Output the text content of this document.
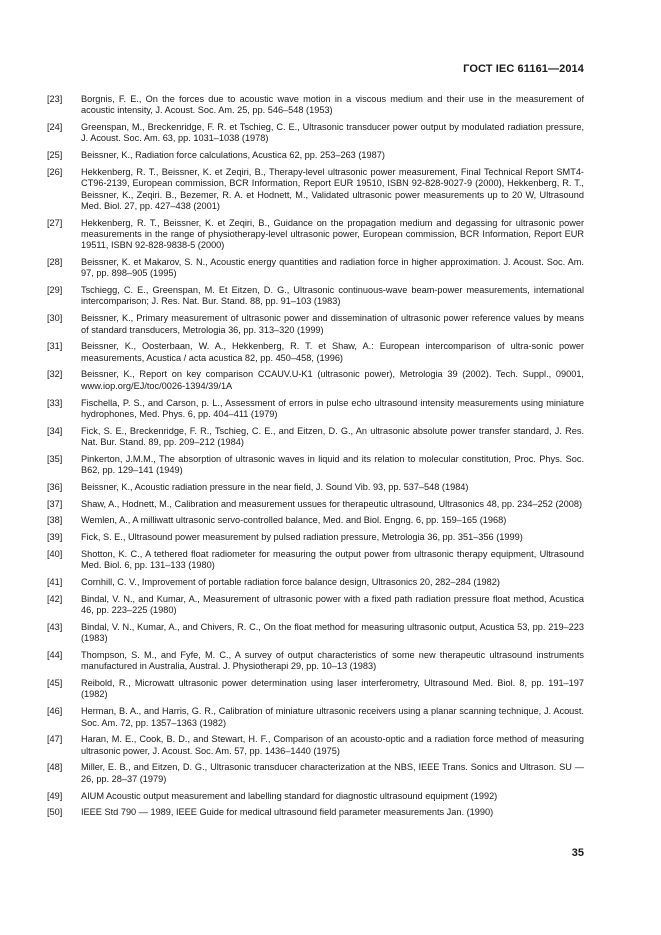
ГОСТ IEC 61161—2014
[23]	Borgnis, F. E., On the forces due to acoustic wave motion in a viscous medium and their use in the measurement of acoustic intensity, J. Acoust. Soc. Am. 25, pp. 546–548 (1953)
[24]	Greenspan, M., Breckenridge, F. R. et Tschieg, C. E., Ultrasonic transducer power output by modulated radiation pressure, J. Acoust. Soc. Am. 63, pp. 1031–1038 (1978)
[25]	Beissner, K., Radiation force calculations, Acustica 62, pp. 253–263 (1987)
[26]	Hekkenberg, R. T., Beissner, K. et Zeqiri, B., Therapy-level ultrasonic power measurement, Final Technical Report SMT4-CT96-2139, European commission, BCR Information, Report EUR 19510, ISBN 92-828-9027-9 (2000), Hekkenberg, R. T., Beissner, K., Zeqiri. B., Bezemer, R. A. et Hodnett, M., Validated ultrasonic power measurements up to 20 W, Ultrasound Med. Biol. 27, pp. 427–438 (2001)
[27]	Hekkenberg, R. T., Beissner, K. et Zeqiri, B., Guidance on the propagation medium and degassing for ultrasonic power measurements in the range of physiotherapy-level ultrasonic power, European commission, BCR Information, Report EUR 19511, ISBN 92-828-9838-5 (2000)
[28]	Beissner, K. et Makarov, S. N., Acoustic energy quantities and radiation force in higher approximation. J. Acoust. Soc. Am. 97, pp. 898–905 (1995)
[29]	Tschiegg, C. E., Greenspan, M. Et Eitzen, D. G., Ultrasonic continuous-wave beam-power measurements, international intercomparison; J. Res. Nat. Bur. Stand. 88, pp. 91–103 (1983)
[30]	Beissner, K., Primary measurement of ultrasonic power and dissemination of ultrasonic power reference values by means of standard transducers, Metrologia 36, pp. 313–320 (1999)
[31]	Beissner, K., Oosterbaan, W. A., Hekkenberg, R. T. et Shaw, A.: European intercomparison of ultra-sonic power measurements, Acustica / acta acustica 82, pp. 450–458, (1996)
[32]	Beissner, K., Report on key comparison CCAUV.U-K1 (ultrasonic power), Metrologia 39 (2002). Tech. Suppl., 09001, www.iop.org/EJ/toc/0026-1394/39/1A
[33]	Fischella, P. S., and Carson, p. L., Assessment of errors in pulse echo ultrasound intensity measurements using miniature hydrophones, Med. Phys. 6, pp. 404–411 (1979)
[34]	Fick, S. E., Breckenridge, F. R., Tschieg, C. E., and Eitzen, D. G., An ultrasonic absolute power transfer standard, J. Res. Nat. Bur. Stand. 89, pp. 209–212 (1984)
[35]	Pinkerton, J.M.M., The absorption of ultrasonic waves in liquid and its relation to molecular constitution, Proc. Phys. Soc. B62, pp. 129–141 (1949)
[36]	Beissner, K., Acoustic radiation pressure in the near field, J. Sound Vib. 93, pp. 537–548 (1984)
[37]	Shaw, A., Hodnett, M., Calibration and measurement ussues for therapeutic ultrasound, Ultrasonics 48, pp. 234–252 (2008)
[38]	Wemlen, A., A milliwatt ultrasonic servo-controlled balance, Med. and Biol. Engng. 6, pp. 159–165 (1968)
[39]	Fick, S. E., Ultrasound power measurement by pulsed radiation pressure, Metrologia 36, pp. 351–356 (1999)
[40]	Shotton, K. C., A tethered float radiometer for measuring the output power from ultrasonic therapy equipment, Ultrasound Med. Biol. 6, pp. 131–133 (1980)
[41]	Cornhill, C. V., Improvement of portable radiation force balance design, Ultrasonics 20, 282–284 (1982)
[42]	Bindal, V. N., and Kumar, A., Measurement of ultrasonic power with a fixed path radiation pressure float method, Acustica 46, pp. 223–225 (1980)
[43]	Bindal, V. N., Kumar, A., and Chivers, R. C., On the float method for measuring ultrasonic output, Acustica 53, pp. 219–223 (1983)
[44]	Thompson, S. M., and Fyfe, M. C., A survey of output characteristics of some new therapeutic ultrasound instruments manufactured in Australia, Austral. J. Physiotherapi 29, pp. 10–13 (1983)
[45]	Reibold, R., Microwatt ultrasonic power determination using laser interferometry, Ultrasound Med. Biol. 8, pp. 191–197 (1982)
[46]	Herman, B. A., and Harris, G. R., Calibration of miniature ultrasonic receivers using a planar scanning technique, J. Acoust. Soc. Am. 72, pp. 1357–1363 (1982)
[47]	Haran, M. E., Cook, B. D., and Stewart, H. F., Comparison of an acousto-optic and a radiation force method of measuring ultrasonic power, J. Acoust. Soc. Am. 57, pp. 1436–1440 (1975)
[48]	Miller, E. B., and Eitzen, D. G., Ultrasonic transducer characterization at the NBS, IEEE Trans. Sonics and Ultrason. SU — 26, pp. 28–37 (1979)
[49]	AIUM Acoustic output measurement and labelling standard for diagnostic ultrasound equipment (1992)
[50]	IEEE Std 790 — 1989, IEEE Guide for medical ultrasound field parameter measurements Jan. (1990)
35
